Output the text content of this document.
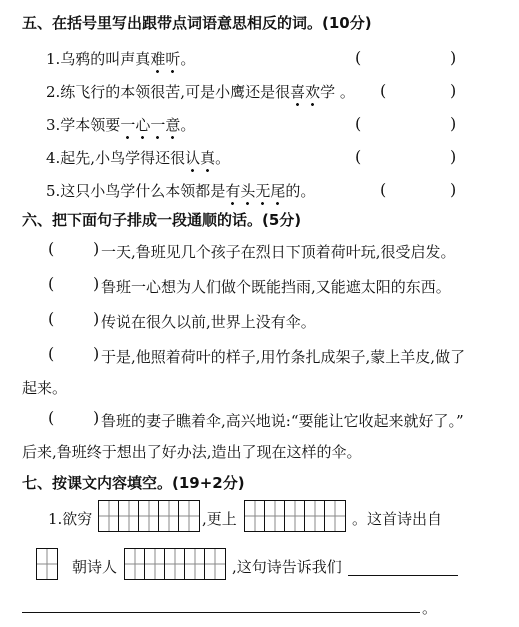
五、在括号里写出跟带点词语意思相反的词。(10分)
1.乌鸦的叫声真难听。	(	)
2.练飞行的本领很苦,可是小鹰还是很喜欢学 。 (	)
3.学本领要一心一意。	(	)
4.起先,小鸟学得还很认真。	(	)
5.这只小鸟学什么本领都是有头无尾的。	(	)
六、把下面句子排成一段通顺的话。(5分)
( ) 一天,鲁班见几个孩子在烈日下顶着荷叶玩,很受启发。
( ) 鲁班一心想为人们做个既能挡雨,又能遮太阳的东西。
( ) 传说在很久以前,世界上没有伞。
( ) 于是,他照着荷叶的样子,用竹条扎成架子,蒙上羊皮,做了
起来。
( ) 鲁班的妻子瞧着伞,高兴地说:“要能让它收起来就好了。”
后来,鲁班终于想出了好办法,造出了现在这样的伞。
七、按课文内容填空。(19+2分)
1.欲穷	,更上	。这首诗出自
朝诗人	,这句诗告诉我们
。
